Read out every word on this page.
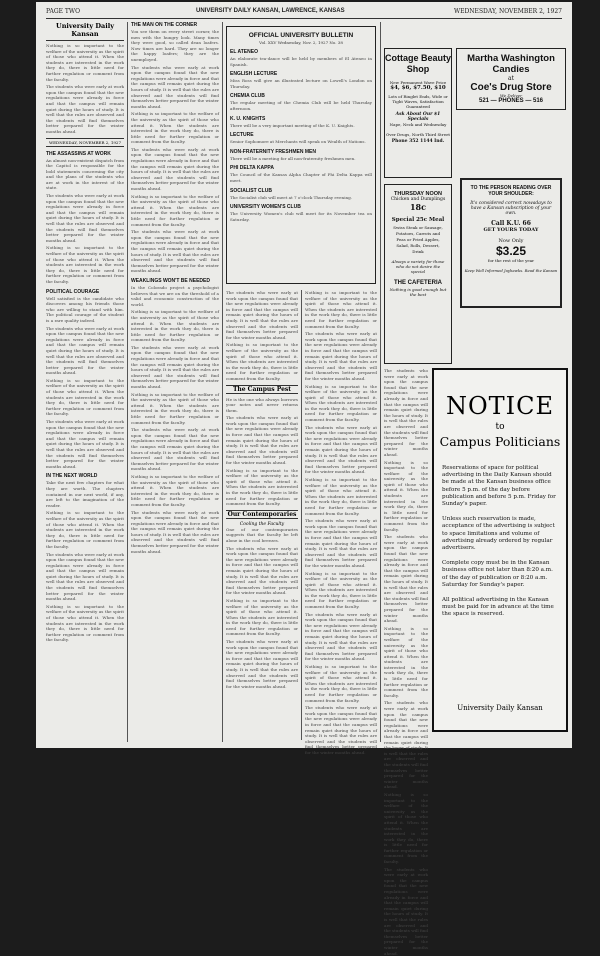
PAGE TWO	UNIVERSITY DAILY KANSAN, LAWRENCE, KANSAS	WEDNESDAY, NOVEMBER 2, 1927
University Daily Kansan

Nothing is so important to the welfare of the university as the spirit of those who attend it. When the students are interested in the work they do, there is little need for further regulation or comment from the faculty.

The students who were early at work upon the campus found that the new regulations were already in force and that the campus will remain quiet during the hours of study. It is well that the rules are observed and the students will find themselves better prepared for the winter months ahead.

WEDNESDAY, NOVEMBER 2, 1927
THE ASSASSINS AT WORK

An almost non-existent dispatch from the Capitol is responsible for the bold statements concerning the city and the plans of the students who are at work in the interest of the state.

The students who were early at work upon the campus found that the new regulations were already in force and that the campus will remain quiet during the hours of study. It is well that the rules are observed and the students will find themselves better prepared for the winter months ahead.

Nothing is so important to the welfare of the university as the spirit of those who attend it. When the students are interested in the work they do, there is little need for further regulation or comment from the faculty.

POLITICAL COURAGE

Well satisfied is the candidate who discovers among his friends those who are willing to stand with him. The political courage of the student is a rare quality indeed.

The students who were early at work upon the campus found that the new regulations were already in force and that the campus will remain quiet during the hours of study. It is well that the rules are observed and the students will find themselves better prepared for the winter months ahead.

Nothing is so important to the welfare of the university as the spirit of those who attend it. When the students are interested in the work they do, there is little need for further regulation or comment from the faculty.

The students who were early at work upon the campus found that the new regulations were already in force and that the campus will remain quiet during the hours of study. It is well that the rules are observed and the students will find themselves better prepared for the winter months ahead.

IN THE NEXT WORLD

Take the next few chapters for what they are worth. The chapters contained in our next world, if any, are left to the imagination of the reader.

Nothing is so important to the welfare of the university as the spirit of those who attend it. When the students are interested in the work they do, there is little need for further regulation or comment from the faculty.

The students who were early at work upon the campus found that the new regulations were already in force and that the campus will remain quiet during the hours of study. It is well that the rules are observed and the students will find themselves better prepared for the winter months ahead.

Nothing is so important to the welfare of the university as the spirit of those who attend it. When the students are interested in the work they do, there is little need for further regulation or comment from the faculty.

THE MAN ON THE CORNER

You see them on every street corner, the men with the hungry look. Many times they were good, so called dean loafers. Now times are hard. They are no longer the happy loafers; they are the unemployed.

The students who were early at work upon the campus found that the new regulations were already in force and that the campus will remain quiet during the hours of study. It is well that the rules are observed and the students will find themselves better prepared for the winter months ahead.

Nothing is so important to the welfare of the university as the spirit of those who attend it. When the students are interested in the work they do, there is little need for further regulation or comment from the faculty.

The students who were early at work upon the campus found that the new regulations were already in force and that the campus will remain quiet during the hours of study. It is well that the rules are observed and the students will find themselves better prepared for the winter months ahead.

Nothing is so important to the welfare of the university as the spirit of those who attend it. When the students are interested in the work they do, there is little need for further regulation or comment from the faculty.

The students who were early at work upon the campus found that the new regulations were already in force and that the campus will remain quiet during the hours of study. It is well that the rules are observed and the students will find themselves better prepared for the winter months ahead.

WEAKLINGS WON'T BE NEEDED

In the Colorado project a psychologist believes that we are on the threshold of a valid and economic construction of the world.

Nothing is so important to the welfare of the university as the spirit of those who attend it. When the students are interested in the work they do, there is little need for further regulation or comment from the faculty.

The students who were early at work upon the campus found that the new regulations were already in force and that the campus will remain quiet during the hours of study. It is well that the rules are observed and the students will find themselves better prepared for the winter months ahead.

Nothing is so important to the welfare of the university as the spirit of those who attend it. When the students are interested in the work they do, there is little need for further regulation or comment from the faculty.

The students who were early at work upon the campus found that the new regulations were already in force and that the campus will remain quiet during the hours of study. It is well that the rules are observed and the students will find themselves better prepared for the winter months ahead.

Nothing is so important to the welfare of the university as the spirit of those who attend it. When the students are interested in the work they do, there is little need for further regulation or comment from the faculty.

The students who were early at work upon the campus found that the new regulations were already in force and that the campus will remain quiet during the hours of study. It is well that the rules are observed and the students will find themselves better prepared for the winter months ahead.

OFFICIAL UNIVERSITY BULLETIN
Vol. XXV Wednesday, Nov. 2, 1927 No. 38
EL ATENEO

An elaborate tea-dance will be held by members of El Ateneo in Spanish.

ENGLISH LECTURE

Miss Ross will give an illustrated lecture on Lowell's London on Thursday.

CHEMIA CLUB

The regular meeting of the Chemia Club will be held Thursday afternoon.

K. U. KNIGHTS

There will be a very important meeting of the K. U. Knights.

LECTURE

Senior Sophomore at Merchants will speak on Wealth of Nations.

NON-FRATERNITY FRESHMEN MEN

There will be a meeting for all non-fraternity freshmen men.

PHI DELTA KAPPA

The Council of the Kansas Alpha Chapter of Phi Delta Kappa will meet.

SOCIALIST CLUB

The Socialist club will meet at 7 o'clock Thursday evening.

UNIVERSITY WOMEN'S CLUB

The University Women's club will meet for its November tea on Saturday.

The students who were early at work upon the campus found that the new regulations were already in force and that the campus will remain quiet during the hours of study. It is well that the rules are observed and the students will find themselves better prepared for the winter months ahead.

Nothing is so important to the welfare of the university as the spirit of those who attend it. When the students are interested in the work they do, there is little need for further regulation or comment from the faculty.

The Campus Pest

He is the one who always borrows your notes and never returns them.

The students who were early at work upon the campus found that the new regulations were already in force and that the campus will remain quiet during the hours of study. It is well that the rules are observed and the students will find themselves better prepared for the winter months ahead.

Nothing is so important to the welfare of the university as the spirit of those who attend it. When the students are interested in the work they do, there is little need for further regulation or comment from the faculty.

Our Contemporaries
Cooling the Faculty

One of our contemporaries suggests that the faculty be left alone in the cool breezes.

The students who were early at work upon the campus found that the new regulations were already in force and that the campus will remain quiet during the hours of study. It is well that the rules are observed and the students will find themselves better prepared for the winter months ahead.

Nothing is so important to the welfare of the university as the spirit of those who attend it. When the students are interested in the work they do, there is little need for further regulation or comment from the faculty.

The students who were early at work upon the campus found that the new regulations were already in force and that the campus will remain quiet during the hours of study. It is well that the rules are observed and the students will find themselves better prepared for the winter months ahead.

Nothing is so important to the welfare of the university as the spirit of those who attend it. When the students are interested in the work they do, there is little need for further regulation or comment from the faculty.

The students who were early at work upon the campus found that the new regulations were already in force and that the campus will remain quiet during the hours of study. It is well that the rules are observed and the students will find themselves better prepared for the winter months ahead.

Nothing is so important to the welfare of the university as the spirit of those who attend it. When the students are interested in the work they do, there is little need for further regulation or comment from the faculty.

The students who were early at work upon the campus found that the new regulations were already in force and that the campus will remain quiet during the hours of study. It is well that the rules are observed and the students will find themselves better prepared for the winter months ahead.

Nothing is so important to the welfare of the university as the spirit of those who attend it. When the students are interested in the work they do, there is little need for further regulation or comment from the faculty.

The students who were early at work upon the campus found that the new regulations were already in force and that the campus will remain quiet during the hours of study. It is well that the rules are observed and the students will find themselves better prepared for the winter months ahead.

Nothing is so important to the welfare of the university as the spirit of those who attend it. When the students are interested in the work they do, there is little need for further regulation or comment from the faculty.

The students who were early at work upon the campus found that the new regulations were already in force and that the campus will remain quiet during the hours of study. It is well that the rules are observed and the students will find themselves better prepared for the winter months ahead.

Nothing is so important to the welfare of the university as the spirit of those who attend it. When the students are interested in the work they do, there is little need for further regulation or comment from the faculty.

The students who were early at work upon the campus found that the new regulations were already in force and that the campus will remain quiet during the hours of study. It is well that the rules are observed and the students will find themselves better prepared for the winter months ahead.

Cottage Beauty Shop
New Permanent Wave Price
$4, $6, $7.50, $10
Lots of Ringlet Ends, Wide or Tight Waves, Satisfaction Guaranteed
Ask About Our $1 Specials
Nape, Neck and Wednesday
Over Drugs, North Third Street
Phone 352 1144 Ind.
Martha Washington Candies
at
Coe's Drug Store
We Deliver
521 — PHONES — 516
THURSDAY NOON
Chicken and Dumplings
18c
Special 25c Meal
Swiss Steak or Sausage, Potatoes, Carrots and Peas or Fried Apples, Salad, Rolls, Dessert, Drink
Always a variety for those who do not desire the special
THE CAFETERIA
Nothing is good enough but the best
TO THE PERSON READING OVER YOUR SHOULDER:
It's considered correct nowadays to have a Kansan subscription of your own.
Call K.U. 66
GET YOURS TODAY
Now Only
$3.25
for the rest of the year
Keep Well Informed Jayhawks. Read the Kansan

The students who were early at work upon the campus found that the new regulations were already in force and that the campus will remain quiet during the hours of study. It is well that the rules are observed and the students will find themselves better prepared for the winter months ahead.

Nothing is so important to the welfare of the university as the spirit of those who attend it. When the students are interested in the work they do, there is little need for further regulation or comment from the faculty.

The students who were early at work upon the campus found that the new regulations were already in force and that the campus will remain quiet during the hours of study. It is well that the rules are observed and the students will find themselves better prepared for the winter months ahead.

Nothing is so important to the welfare of the university as the spirit of those who attend it. When the students are interested in the work they do, there is little need for further regulation or comment from the faculty.

The students who were early at work upon the campus found that the new regulations were already in force and that the campus will remain quiet during the hours of study. It is well that the rules are observed and the students will find themselves better prepared for the winter months ahead.

Nothing is so important to the welfare of the university as the spirit of those who attend it. When the students are interested in the work they do, there is little need for further regulation or comment from the faculty.

The students who were early at work upon the campus found that the new regulations were already in force and that the campus will remain quiet during the hours of study. It is well that the rules are observed and the students will find themselves better prepared for the winter months ahead.

NOTICE
to
Campus Politicians

Reservations of space for political advertising in the Daily Kansan should be made at the Kansan business office before 5 p.m. of the day before publication and before 5 p.m. Friday for Sunday's paper.

Unless such reservation is made, acceptance of the advertising is subject to space limitations and volume of advertising already ordered by regular advertisers.

Complete copy must be in the Kansan business office not later than 8:20 a.m. of the day of publication or 8:20 a.m. Saturday for Sunday's paper.

All political advertising in the Kansan must be paid for in advance at the time the space is reserved.

University Daily Kansan
